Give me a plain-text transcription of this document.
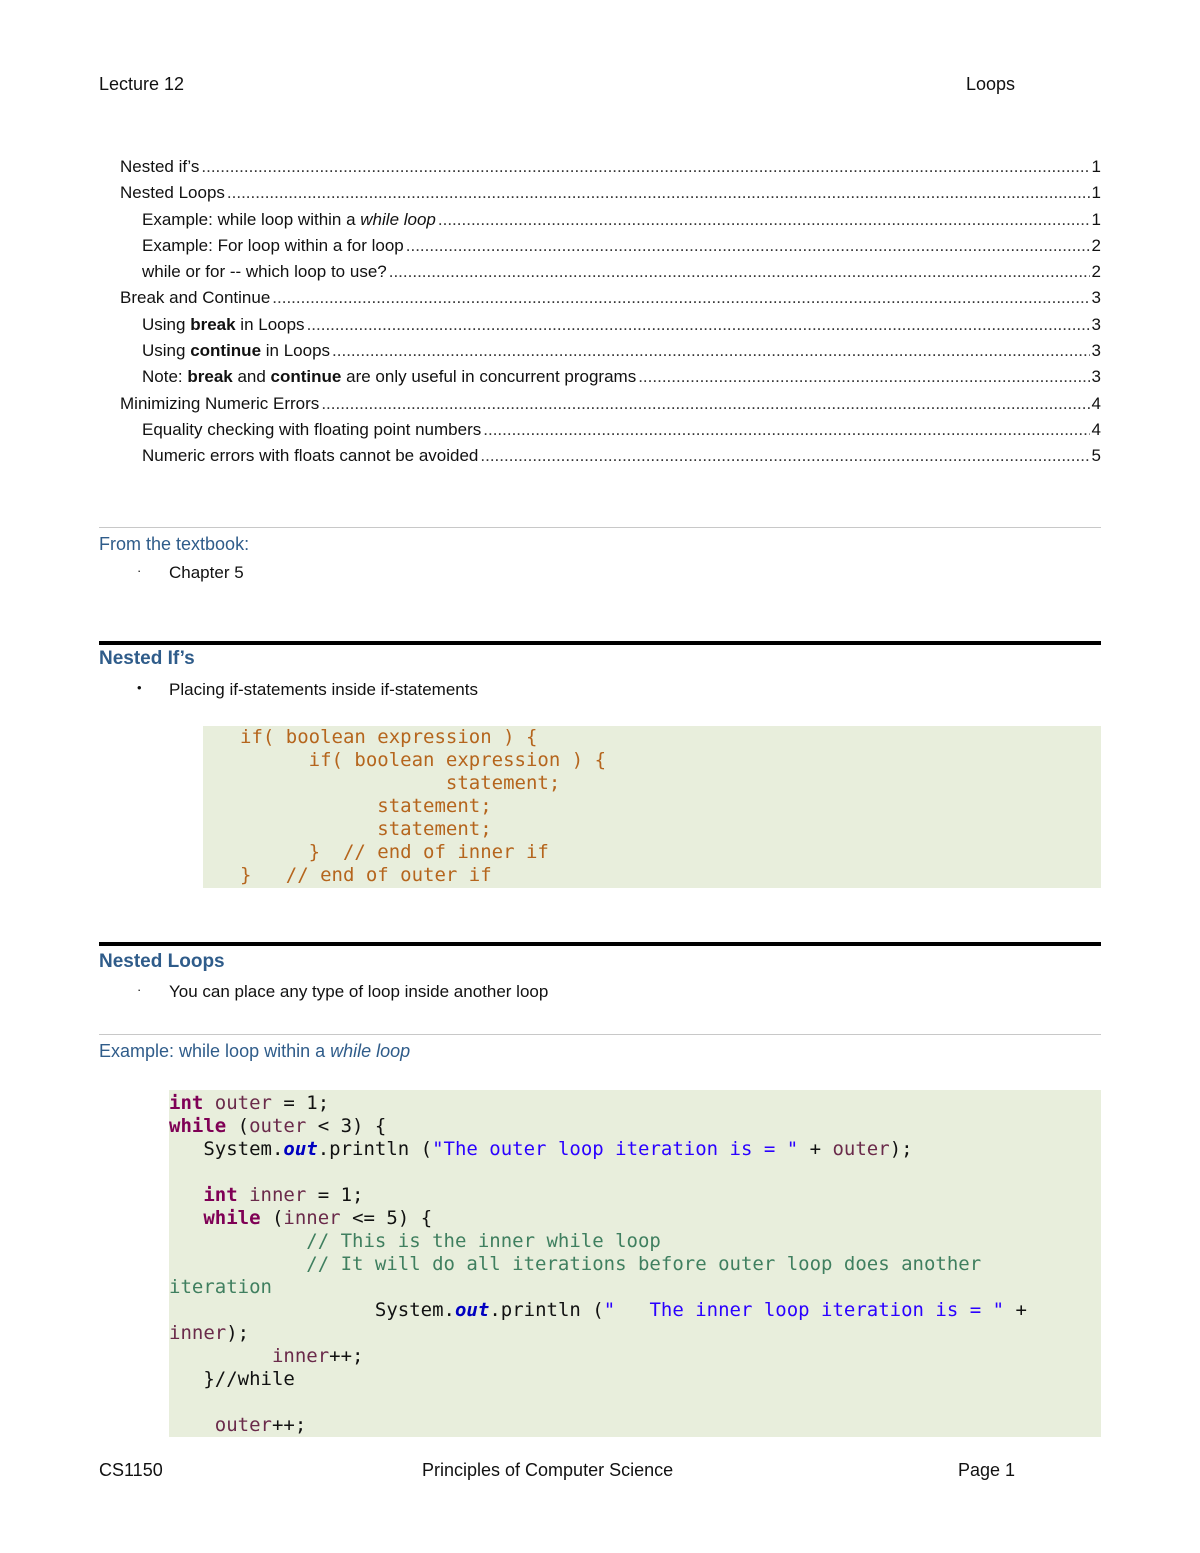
Lecture 12	Loops
Nested if’s .....	1
Nested Loops .....	1
Example: while loop within a while loop .....	1
Example: For loop within a for loop .....	2
while or for -- which loop to use? .....	2
Break and Continue .....	3
Using break in Loops .....	3
Using continue in Loops .....	3
Note: break and continue are only useful in concurrent programs .....	3
Minimizing Numeric Errors .....	4
Equality checking with floating point numbers .....	4
Numeric errors with floats cannot be avoided .....	5
From the textbook:
· Chapter 5
Nested If’s
• Placing if-statements inside if-statements
if( boolean expression ) {
if( boolean expression ) {
statement;
statement;
statement;
}  // end of inner if
}   // end of outer if
Nested Loops
· You can place any type of loop inside another loop
Example: while loop within a while loop
int outer = 1;
while (outer < 3) {
System.out.println ("The outer loop iteration is = " + outer);

int inner = 1;
while (inner <= 5) {
// This is the inner while loop
// It will do all iterations before outer loop does another
iteration
System.out.println ("   The inner loop iteration is = " +
inner);
inner++;
}//while

outer++;
CS1150	Principles of Computer Science	Page 1
